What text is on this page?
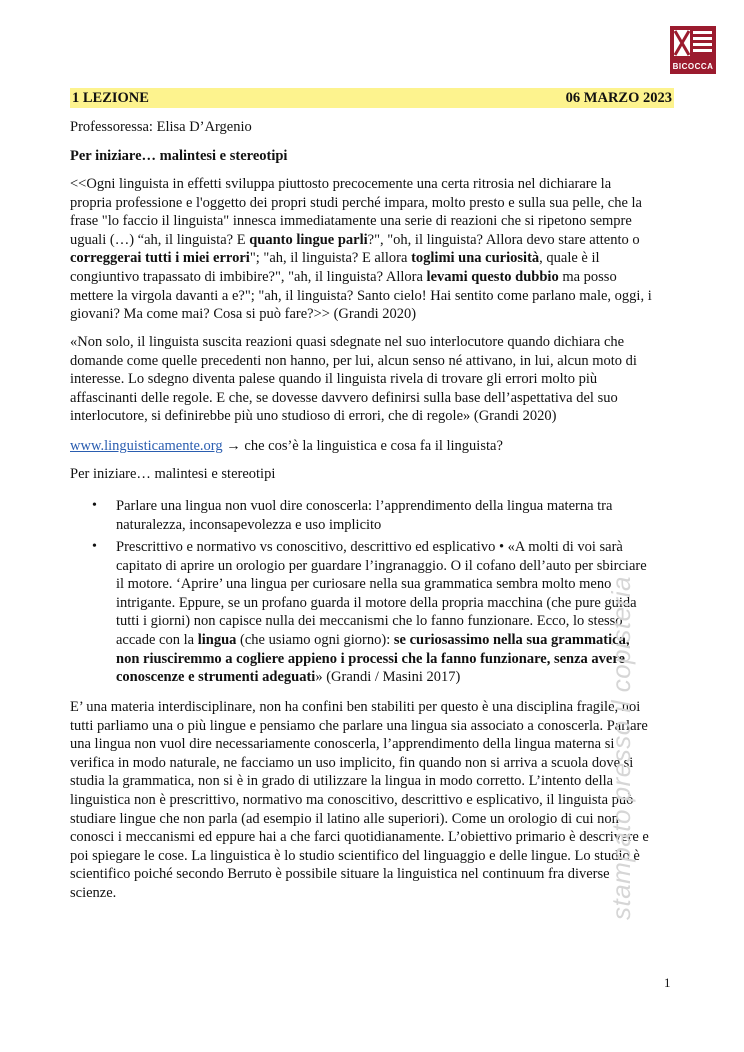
BICOCCA
1 LEZIONE	06 MARZO 2023
Professoressa: Elisa D’Argenio
Per iniziare… malintesi e stereotipi
<<Ogni linguista in effetti sviluppa piuttosto precocemente una certa ritrosia nel dichiarare la
propria professione e l'oggetto dei propri studi perché impara, molto presto e sulla sua pelle, che la
frase "lo faccio il linguista" innesca immediatamente una serie di reazioni che si ripetono sempre
uguali (…) “ah, il linguista? E quanto lingue parli?", "oh, il linguista? Allora devo stare attento o
correggerai tutti i miei errori"; "ah, il linguista? E allora toglimi una curiosità, quale è il
congiuntivo trapassato di imbibire?", "ah, il linguista? Allora levami questo dubbio ma posso
mettere la virgola davanti a e?"; "ah, il linguista? Santo cielo! Hai sentito come parlano male, oggi, i
giovani? Ma come mai? Cosa si può fare?>> (Grandi 2020)
«Non solo, il linguista suscita reazioni quasi sdegnate nel suo interlocutore quando dichiara che
domande come quelle precedenti non hanno, per lui, alcun senso né attivano, in lui, alcun moto di
interesse. Lo sdegno diventa palese quando il linguista rivela di trovare gli errori molto più
affascinanti delle regole. E che, se dovesse davvero definirsi sulla base dell’aspettativa del suo
interlocutore, si definirebbe più uno studioso di errori, che di regole» (Grandi 2020)
www.linguisticamente.org → che cos’è la linguistica e cosa fa il linguista?
Per iniziare… malintesi e stereotipi
• Parlare una lingua non vuol dire conoscerla: l’apprendimento della lingua materna tra
naturalezza, inconsapevolezza e uso implicito
• Prescrittivo e normativo vs conoscitivo, descrittivo ed esplicativo • «A molti di voi sarà
capitato di aprire un orologio per guardare l’ingranaggio. O il cofano dell’auto per sbirciare
il motore. ‘Aprire’ una lingua per curiosare nella sua grammatica sembra molto meno
intrigante. Eppure, se un profano guarda il motore della propria macchina (che pure guida
tutti i giorni) non capisce nulla dei meccanismi che lo fanno funzionare. Ecco, lo stesso
accade con la lingua (che usiamo ogni giorno): se curiosassimo nella sua grammatica,
non riusciremmo a cogliere appieno i processi che la fanno funzionare, senza avere
conoscenze e strumenti adeguati» (Grandi / Masini 2017)
E’ una materia interdisciplinare, non ha confini ben stabiliti per questo è una disciplina fragile, noi
tutti parliamo una o più lingue e pensiamo che parlare una lingua sia associato a conoscerla. Parlare
una lingua non vuol dire necessariamente conoscerla, l’apprendimento della lingua materna si
verifica in modo naturale, ne facciamo un uso implicito, fin quando non si arriva a scuola dove si
studia la grammatica, non si è in grado di utilizzare la lingua in modo corretto. L’intento della
linguistica non è prescrittivo, normativo ma conoscitivo, descrittivo e esplicativo, il linguista può
studiare lingue che non parla (ad esempio il latino alle superiori). Come un orologio di cui non
conosci i meccanismi ed eppure hai a che farci quotidianamente. L’obiettivo primario è descrivere e
poi spiegare le cose. La linguistica è lo studio scientifico del linguaggio e delle lingue. Lo studio è
scientifico poiché secondo Berruto è possibile situare la linguistica nel continuum fra diverse
scienze.	stampato presso il copisteria
1
